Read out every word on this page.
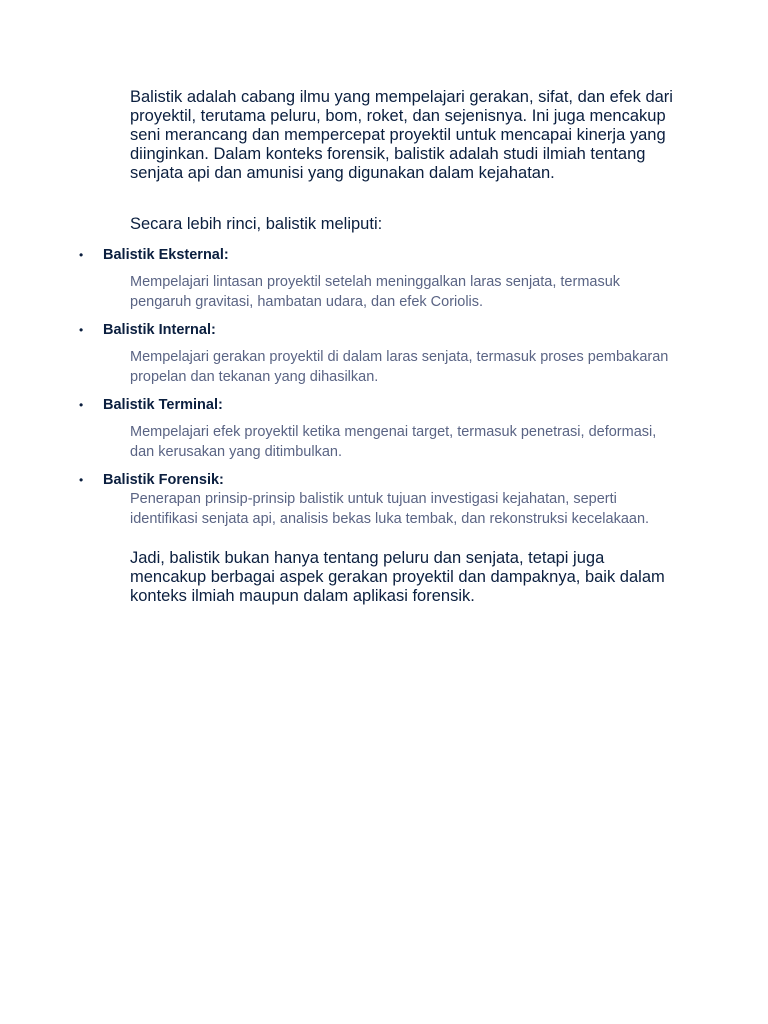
Balistik adalah cabang ilmu yang mempelajari gerakan, sifat, dan efek dari proyektil, terutama peluru, bom, roket, dan sejenisnya. Ini juga mencakup seni merancang dan mempercepat proyektil untuk mencapai kinerja yang diinginkan. Dalam konteks forensik, balistik adalah studi ilmiah tentang senjata api dan amunisi yang digunakan dalam kejahatan.

Secara lebih rinci, balistik meliputi:

• Balistik Eksternal:

Mempelajari lintasan proyektil setelah meninggalkan laras senjata, termasuk pengaruh gravitasi, hambatan udara, dan efek Coriolis.

• Balistik Internal:

Mempelajari gerakan proyektil di dalam laras senjata, termasuk proses pembakaran propelan dan tekanan yang dihasilkan.

• Balistik Terminal:

Mempelajari efek proyektil ketika mengenai target, termasuk penetrasi, deformasi, dan kerusakan yang ditimbulkan.

• Balistik Forensik:

Penerapan prinsip-prinsip balistik untuk tujuan investigasi kejahatan, seperti identifikasi senjata api, analisis bekas luka tembak, dan rekonstruksi kecelakaan.

Jadi, balistik bukan hanya tentang peluru dan senjata, tetapi juga mencakup berbagai aspek gerakan proyektil dan dampaknya, baik dalam konteks ilmiah maupun dalam aplikasi forensik.
